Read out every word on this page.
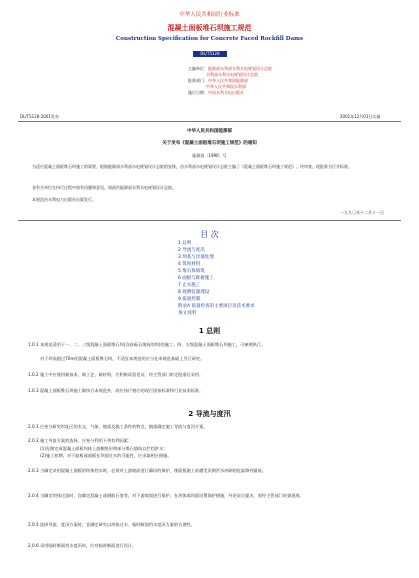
中华人民共和国行业标准
混凝土面板堆石坝施工规范
Construction Specification for Concrete Faced Rockfill Dams
DL/T5128
主编单位：能源部水利部水利水电规划设计总院
水利部水利水电规划设计总院
批准部门：中华人民共和国能源部
中华人民共和国水利部
施行日期：中国水利水电出版社
DL/T5128-2001发布	2001年12月01日实施
中华人民共和国能源部
关于发布《混凝土面板堆石坝施工规范》的通知
能源技〔1990〕号
为适应混凝土面板堆石坝施工的需要，根据能源部水利部水电规划设计总院的安排，由水利部水电规划设计总院主编了《混凝土面板堆石坝施工规范》，经审查，现批准为行业标准。
各有关单位在执行过程中如有问题和意见，请函告能源部水利水电规划设计总院。
本规范由水利电力出版社出版发行。
一九九〇年十二月十一日
目 次
1 总则
2 导流与度汛
3 坝基与岸坡处理
4 筑坝材料
5 堆石体填筑
6 面板与趾板施工
7 止水施工
8 观测仪器埋设
9 质量控制
附录A 质量检查的主要项目及技术要求
条文说明
1 总则
1.0.1 本规范适用于一、二、三级混凝土面板堆石坝(含砂砾石填筑的坝)的施工。四、五级混凝土面板堆石坝施工，可参照执行。
对于坝高超过70m的混凝土面板堆石坝，不适宜本规范的应当在本规范基础上另行研究。
1.0.2 施工中应使用新技术、新工艺、新材料，应积极试验论证，经主管部门审定批准后采用。
1.0.3 混凝土面板堆石坝施工除执行本规范外，尚应执行相应的现行国家标准和行业技术标准。
2 导流与度汛
2.0.1 应充分研究坝址区的水文、气象、地质及施工条件的特点，慎重确定施工导流与度汛方案。
2.0.2 施工导流方案的选择，应充分利用下列有利因素：
(1)先期完成混凝土面板坝体上游侧垫层和部分堆石填筑以拦挡洪水；
(2)施工初期，对于趾板或面板在坝面过水的可能性，应采取相应措施。
2.0.3 当确定采用混凝土面板的坝体挡水时，必须对上游坡面进行确切的保护，使面板施工前遭受汛期洪水冲刷的危险降到最低。
2.0.4 当确定坝体过流时，宜确定混凝土或钢筋石笼等，对下游坡面进行保护，在坝体或坝面设置保护措施，经论证后提出，须经主管部门审查批准。
2.0.5 选择导流、度汛方案时，宜确定研究以坝体过水、临时断面挡水度汛方案的合理性。
2.0.6 采用临时断面挡水度汛时，应对临时断面进行设计。
